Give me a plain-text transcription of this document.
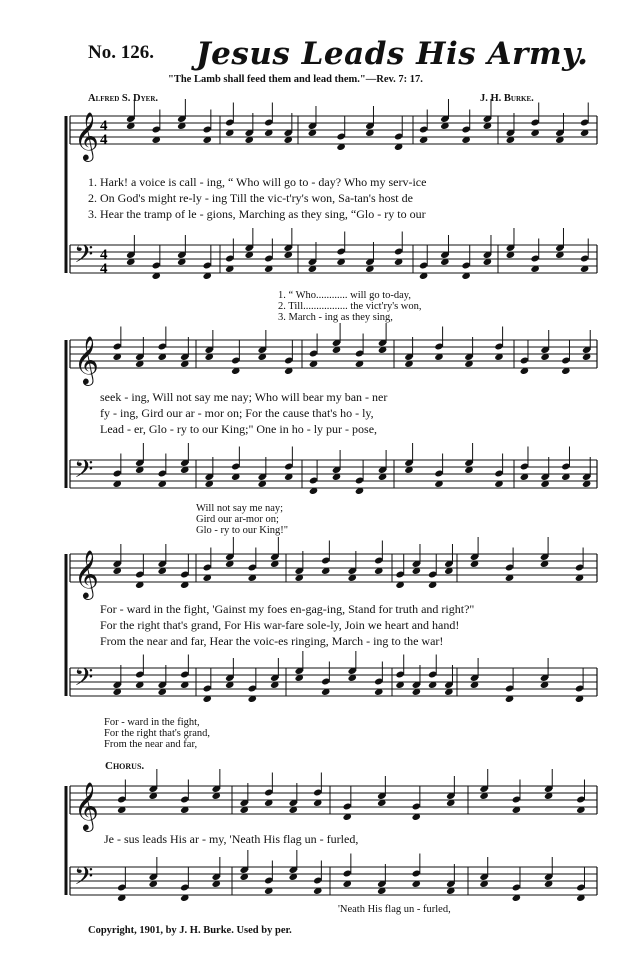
𝄞 4
4
𝄢 4
4
𝄞
𝄢
𝄞
𝄢
𝄞
𝄢
No. 126. Jesus Leads His Army.
"The Lamb shall feed them and lead them."—Rev. 7: 17.
Alfred S. Dyer.	J. H. Burke.
1. Hark! a voice is call - ing, “ Who will go to - day? Who my serv-ice
2. On God's might re-ly - ing Till the vic-t'ry's won, Sa-tan's host de
3. Hear the tramp of le - gions, Marching as they sing, “Glo - ry to our
1. “ Who............ will go to-day,
2. Till................. the vict'ry's won,
3. March - ing as they sing,
seek - ing, Will not say me nay; Who will bear my ban - ner
fy - ing, Gird our ar - mor on; For the cause that's ho - ly,
Lead - er, Glo - ry to our King;" One in ho - ly pur - pose,
Will not say me nay;
Gird our ar-mor on;
Glo - ry to our King!"
For - ward in the fight, 'Gainst my foes en-gag-ing, Stand for truth and right?"
For the right that's grand, For His war-fare sole-ly, Join we heart and hand!
From the near and far, Hear the voic-es ringing, March - ing to the war!
For - ward in the fight,
For the right that's grand,
From the near and far,
Chorus.
Je - sus leads His ar - my, 'Neath His flag un - furled,
'Neath His flag un - furled,
Copyright, 1901, by J. H. Burke. Used by per.
